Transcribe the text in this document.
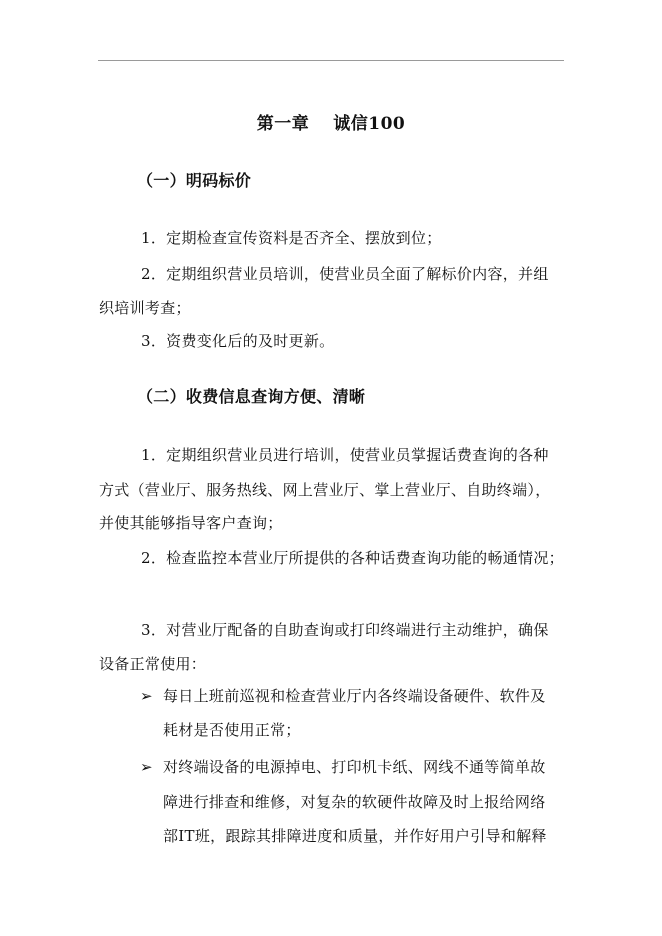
第一章 诚信100
（一）明码标价
1．定期检查宣传资料是否齐全、摆放到位；
2．定期组织营业员培训，使营业员全面了解标价内容，并组
织培训考查；
3．资费变化后的及时更新。
（二）收费信息查询方便、清晰
1．定期组织营业员进行培训，使营业员掌握话费查询的各种
方式（营业厅、服务热线、网上营业厅、掌上营业厅、自助终端），
并使其能够指导客户查询；
2．检查监控本营业厅所提供的各种话费查询功能的畅通情况；
3．对营业厅配备的自助查询或打印终端进行主动维护，确保
设备正常使用：
➢ 每日上班前巡视和检查营业厅内各终端设备硬件、软件及
耗材是否使用正常；
➢ 对终端设备的电源掉电、打印机卡纸、网线不通等简单故
障进行排查和维修，对复杂的软硬件故障及时上报给网络
部IT班，跟踪其排障进度和质量，并作好用户引导和解释
